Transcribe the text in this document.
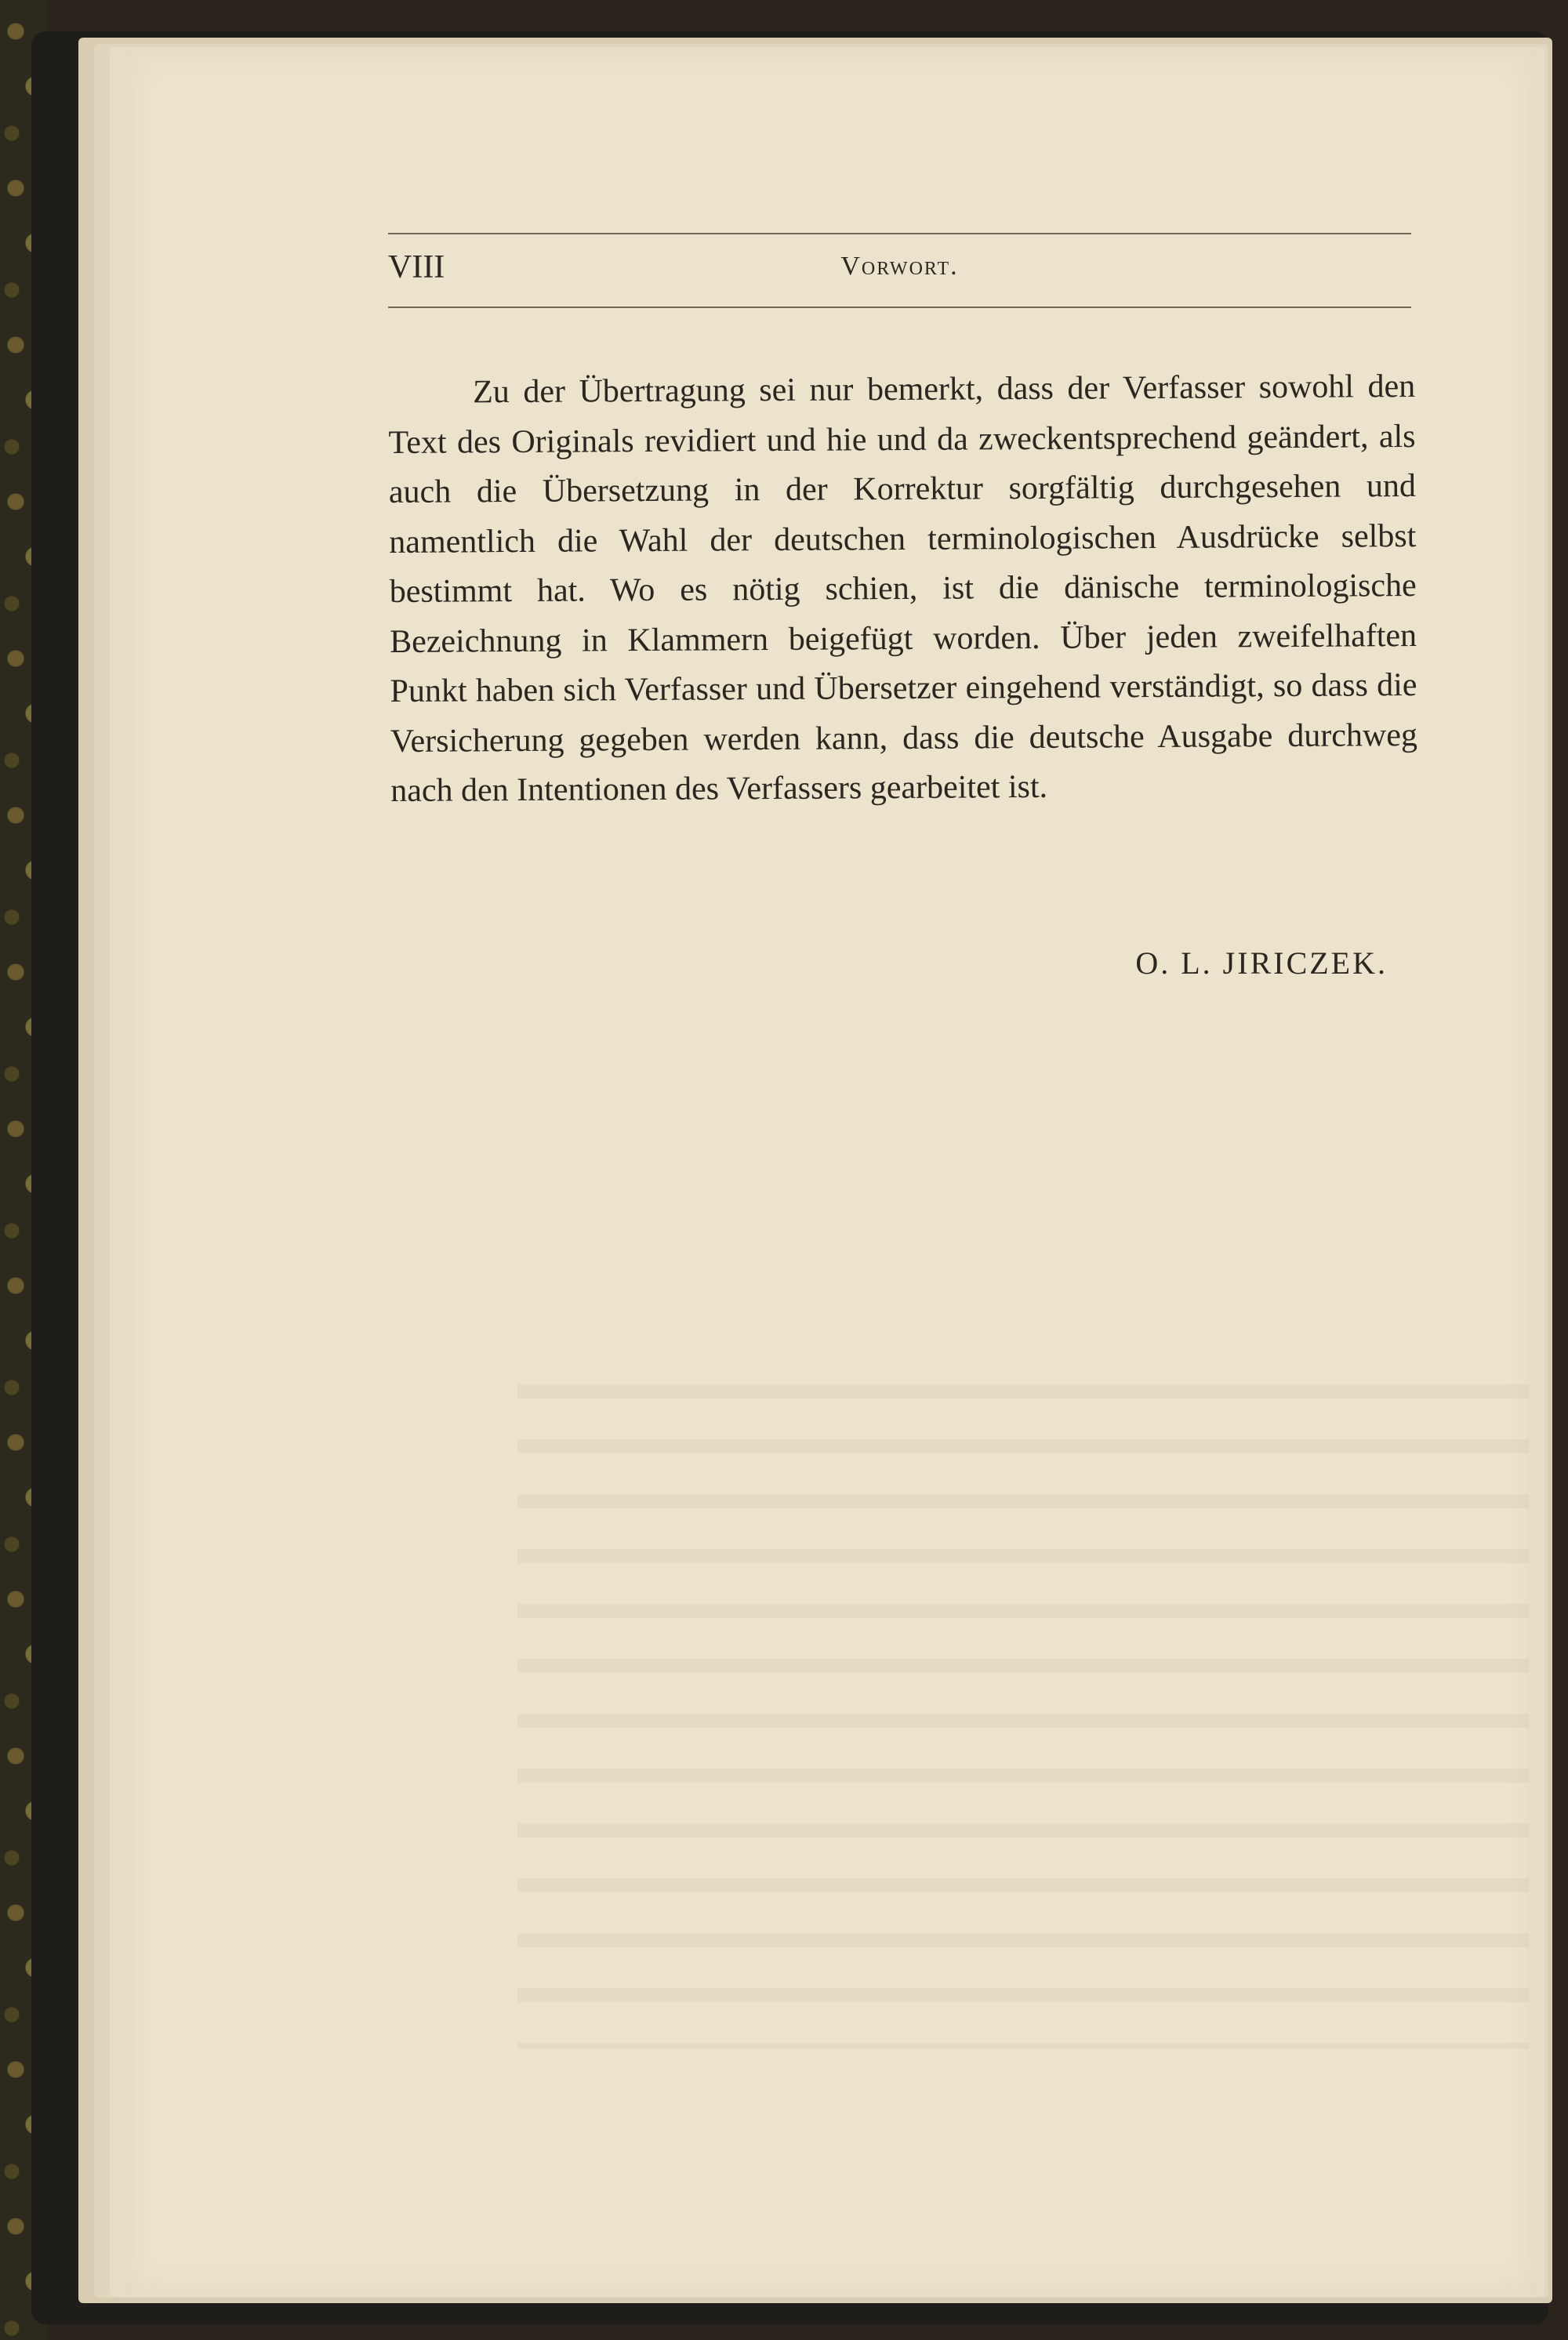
VIII	Vorwort.

Zu der Übertragung sei nur bemerkt, dass der Verfasser sowohl den Text des Originals revidiert und hie und da zweckentsprechend geändert, als auch die Übersetzung in der Korrektur sorgfältig durchgesehen und namentlich die Wahl der deutschen terminologischen Ausdrücke selbst bestimmt hat. Wo es nötig schien, ist die dänische terminologische Bezeichnung in Klammern beigefügt worden. Über jeden zweifelhaften Punkt haben sich Verfasser und Übersetzer eingehend verständigt, so dass die Versicherung gegeben werden kann, dass die deutsche Ausgabe durchweg nach den Intentionen des Verfassers gearbeitet ist.

O. L. JIRICZEK.
